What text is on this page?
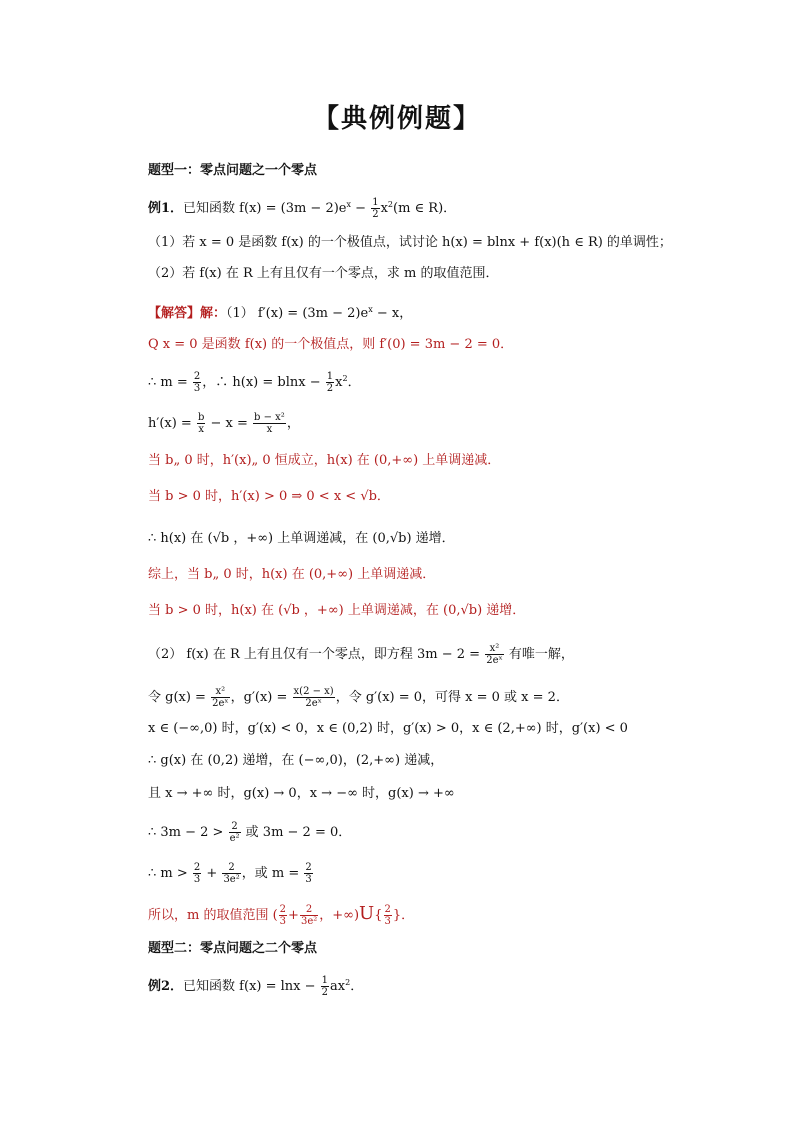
【典例例题】
题型一：零点问题之一个零点
例1．已知函数 $f(x) = (3m - 2)e^x - \frac{1}{2} x^2(m$ ∈ R)．
（1）若 x = 0 是函数 f(x) 的一个极值点，试讨论 h(x) = blnx + f(x)(h ∈ R) 的单调性；
（2）若 f(x) 在 R 上有且仅有一个零点，求 m 的取值范围．
【解答】解：（1） $f'(x) = (3m - 2)e^x - x$，
Q x = 0 是函数 f(x) 的一个极值点，则 f′(0) = 3m − 2 = 0．
∴ $m = \frac{2}{3}$ ，∴ $h(x) = blnx - \frac{1}{2} x^2$．
$h'(x) = \frac{b}{x} - x = \frac{\text{b − x²}}{x}$ ，
当 b„ 0 时，h′(x)„ 0 恒成立，h(x) 在 (0,+∞) 上单调递减．
当 b > 0 时，h′(x) > 0 ⇒ 0 < x < √b．
∴ h(x) 在 (√b ，+∞) 上单调递减，在 (0,√b) 递增．
综上，当 b„ 0 时，h(x) 在 (0,+∞) 上单调递减．
当 b > 0 时，h(x) 在 (√b ，+∞) 上单调递减，在 (0,√b) 递增．
（2） f(x) 在 R 上有且仅有一个零点，即方程 $3m - 2 = \frac{\text{x²}}{\text{2eˣ}}$ 有唯一解，
令 $g(x) = \frac{\text{x²}}{\text{2eˣ}}$ ，$g'(x) = \frac{x(2 - x)}{\text{2eˣ}}$ ，令 g′(x) = 0，可得 x = 0 或 x = 2．
x ∈ (−∞,0) 时，g′(x) < 0，x ∈ (0,2) 时，g′(x) > 0，x ∈ (2,+∞) 时，g′(x) < 0
∴ g(x) 在 (0,2) 递增，在 (−∞,0)，(2,+∞) 递减，
且 x → +∞ 时，g(x) → 0，x → −∞ 时，g(x) → +∞
∴ $3m - 2 > \frac{2}{\text{e²}}$ 或 3m − 2 = 0．
∴ $m > \frac{2}{3} + \frac{2}{\text{3e²}}$ ，或 $m = \frac{2}{3}$
所以，m 的取值范围 ( $\frac{2}{3} + \frac{2}{\text{3e²}}$ ，$+\infty)U\{ \frac{2}{3}$ }．
题型二：零点问题之二个零点
例2．已知函数 $f(x) = \ln x - \frac{1}{2} ax^2$．
